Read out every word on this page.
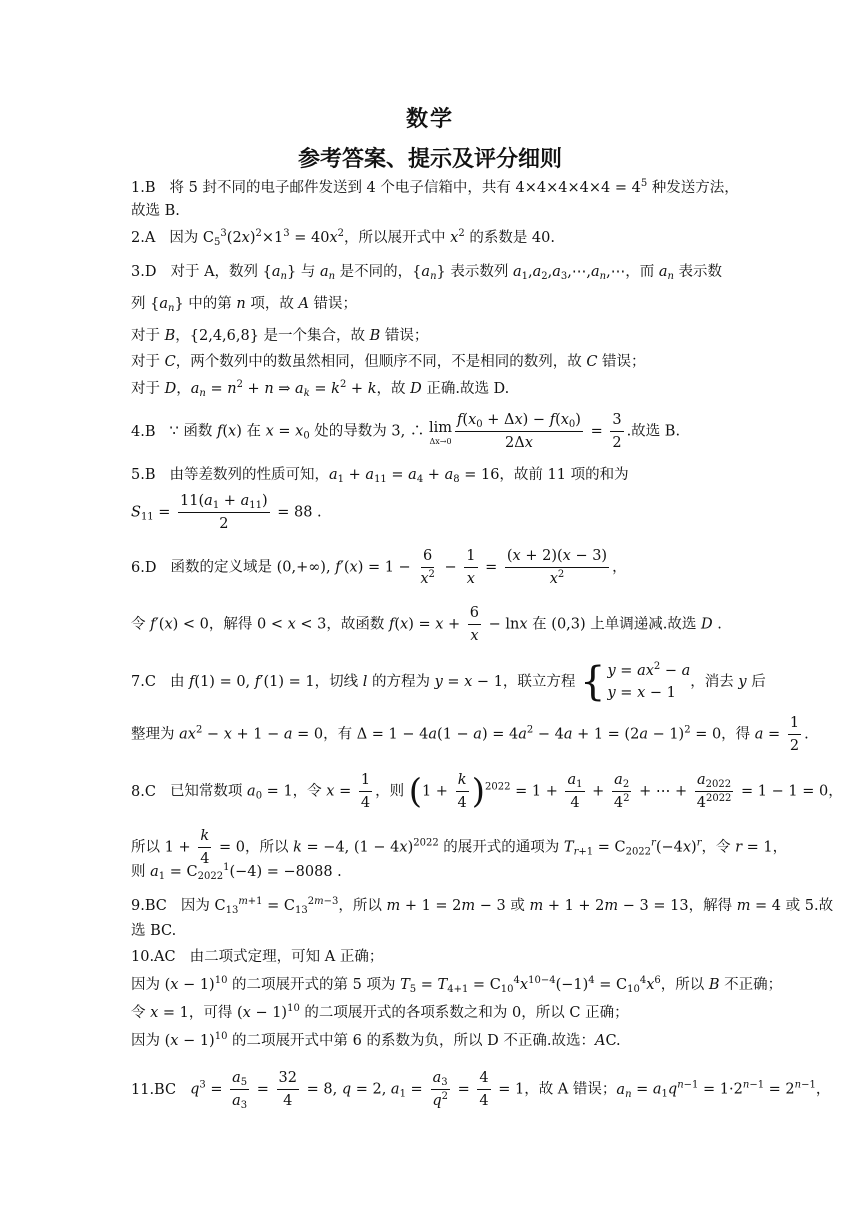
数学
参考答案、提示及评分细则
1.B 将 5 封不同的电子邮件发送到 4 个电子信箱中，共有 $4\times 4\times 4\times 4\times 4 = 4^5$ 种发送方法，
故选 B.
2.A 因为 $C_5^3(2x)^2\times 1^3 = 40x^2$，所以展开式中 $x^2$ 的系数是 40.
3.D 对于 A，数列 $\{a_n\}$ 与 $a_n$ 是不同的，$\{a_n\}$ 表示数列 $a_1,a_2,a_3,\cdots,a_n,\cdots$，而 $a_n$ 表示数
列 $\{a_n\}$ 中的第 n 项，故 A 错误；
对于 B，{2,4,6,8} 是一个集合，故 B 错误；
对于 C，两个数列中的数虽然相同，但顺序不同，不是相同的数列，故 C 错误；
对于 D，$a_n = n^2 + n$ ⇒ $a_k = k^2 + k$，故 D 正确.故选 D.
4.B ∵ 函数 f(x) 在 $x = x_0$ 处的导数为 3, ∴ lim
$\Delta x\to 0 \frac{f(x_0 + \Delta x) - f(x_0)}{2\Delta x} = \frac{3}{2}$ .故选 B.
5.B 由等差数列的性质可知，$a_1 + a_{11} = a_4 + a_8 = 16$，故前 11 项的和为
$S_{11} = \frac{11(a_1 + a_{11})}{2} = 88$ .
6.D 函数的定义域是 (0,+∞), $f'(x) = 1 - \frac{6}{x^2} - \frac{1}{x} = \frac{(x + 2)(x - 3)}{x^2}$ ，
令 f′(x) < 0，解得 0 < x < 3，故函数 $f(x) = x + \frac{6}{x} - \ln x$ 在 (0,3) 上单调递减.故选 D .
7.C 由 f(1) = 0, f′(1) = 1，切线 l 的方程为 y = x − 1，联立方程 { $y = ax^2 - a$
y = x − 1
，消去 y 后
整理为 $ax^2 - x + 1 - a = 0$，有 $\Delta = 1 - 4a(1 - a) = 4a^2 - 4a + 1 = (2a - 1)^2 = 0$，得 $a = \frac{1}{2}$ .
8.C 已知常数项 $a_0 = 1$，令 $x = \frac{1}{4}$ ，则 $(1 + \frac{k}{4} )^{2022} = 1 + \frac{a_1}{4} + \frac{a_2}{4^2}$ + ⋯ + $\frac{a_{2022}}{4^{2022}} = 1 - 1 = 0$，
所以 $1 + \frac{k}{4} = 0$，所以 k = −4, $(1 - 4x)^{2022}$ 的展开式的通项为 $T_{r+1} = C_{2022}^r(-4x)^r$，令 r = 1，
则 $a_1 = C_{2022}^1(-4) = -8088$ .
9.BC 因为 $C_{13}^{m+1} = C_{13}^{2m-3}$，所以 m + 1 = 2m − 3 或 m + 1 + 2m − 3 = 13，解得 m = 4 或 5.故
选 BC.
10.AC 由二项式定理，可知 A 正确；
因为 $(x - 1)^{10}$ 的二项展开式的第 5 项为 $T_5 = T_{4+1} = C_{10}^4x^{10-4}(-1)^4 = C_{10}^4x^6$，所以 B 不正确；
令 x = 1，可得 $(x - 1)^{10}$ 的二项展开式的各项系数之和为 0，所以 C 正确；
因为 $(x - 1)^{10}$ 的二项展开式中第 6 的系数为负，所以 D 不正确.故选：AC.
11.BC $q^3 = \frac{a_5}{a_3} = \frac{32}{4} = 8$, q = 2, $a_1 = \frac{a_3}{q^2} = \frac{4}{4} = 1$，故 A 错误；$a_n = a_1q^{n-1} = 1\cdot 2^{n-1} = 2^{n-1}$，
